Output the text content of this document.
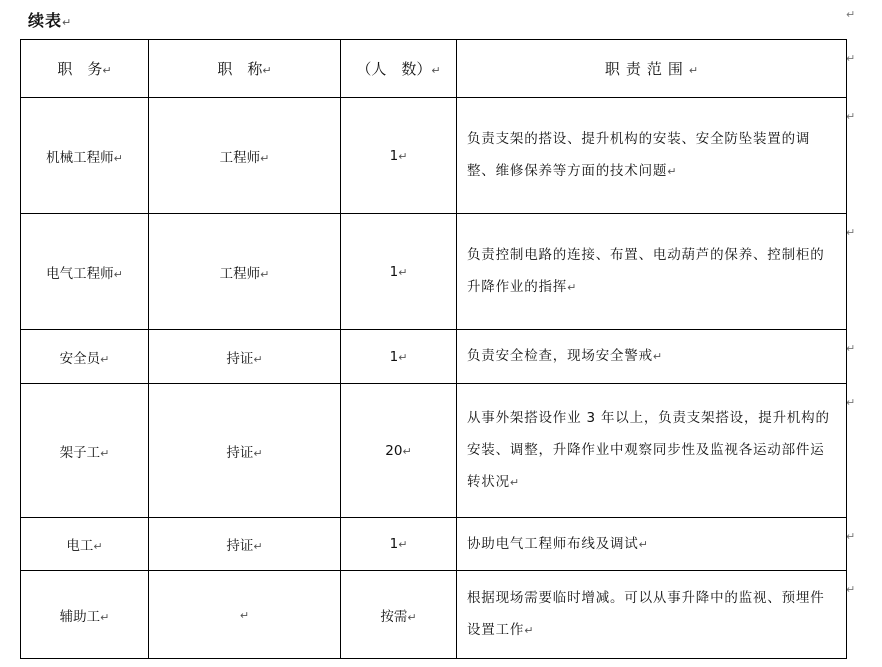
续表↵
↵
↵
↵
↵
↵
↵
↵
↵
职　务↵	职　称↵	（人　数）↵	职责范围↵
机械工程师↵	工程师↵	1↵	负责支架的搭设、提升机构的安装、安全防坠装置的调整、维修保养等方面的技术问题↵
电气工程师↵	工程师↵	1↵	负责控制电路的连接、布置、电动葫芦的保养、控制柜的升降作业的指挥↵
安全员↵	持证↵	1↵	负责安全检查，现场安全警戒↵
架子工↵	持证↵	20↵	从事外架搭设作业 3 年以上，负责支架搭设，提升机构的安装、调整，升降作业中观察同步性及监视各运动部件运转状况↵
电工↵	持证↵	1↵	协助电气工程师布线及调试↵
辅助工↵	↵	按需↵	根据现场需要临时增减。可以从事升降中的监视、预埋件设置工作↵
